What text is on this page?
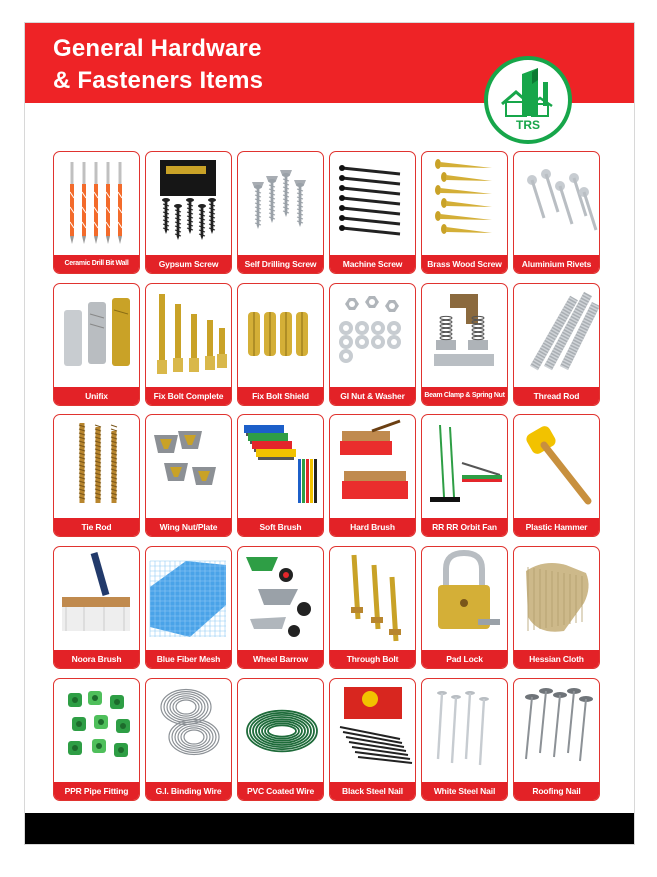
General Hardware
& Fasteners Items
TRS
Ceramic Drill Bit Wall	Gypsum Screw	Self Drilling Screw	Machine Screw	Brass Wood Screw	Aluminium Rivets
Unifix	Fix Bolt Complete	Fix Bolt Shield	GI Nut & Washer	Beam Clamp & Spring Nut	Thread Rod
Tie Rod	Wing Nut/Plate	Soft Brush	Hard Brush	RR RR Orbit Fan	Plastic Hammer
Noora Brush	Blue Fiber Mesh	Wheel Barrow	Through Bolt	Pad Lock	Hessian Cloth
PPR Pipe Fitting	G.I. Binding Wire	PVC Coated Wire	Black Steel Nail	White Steel Nail	Roofing Nail
